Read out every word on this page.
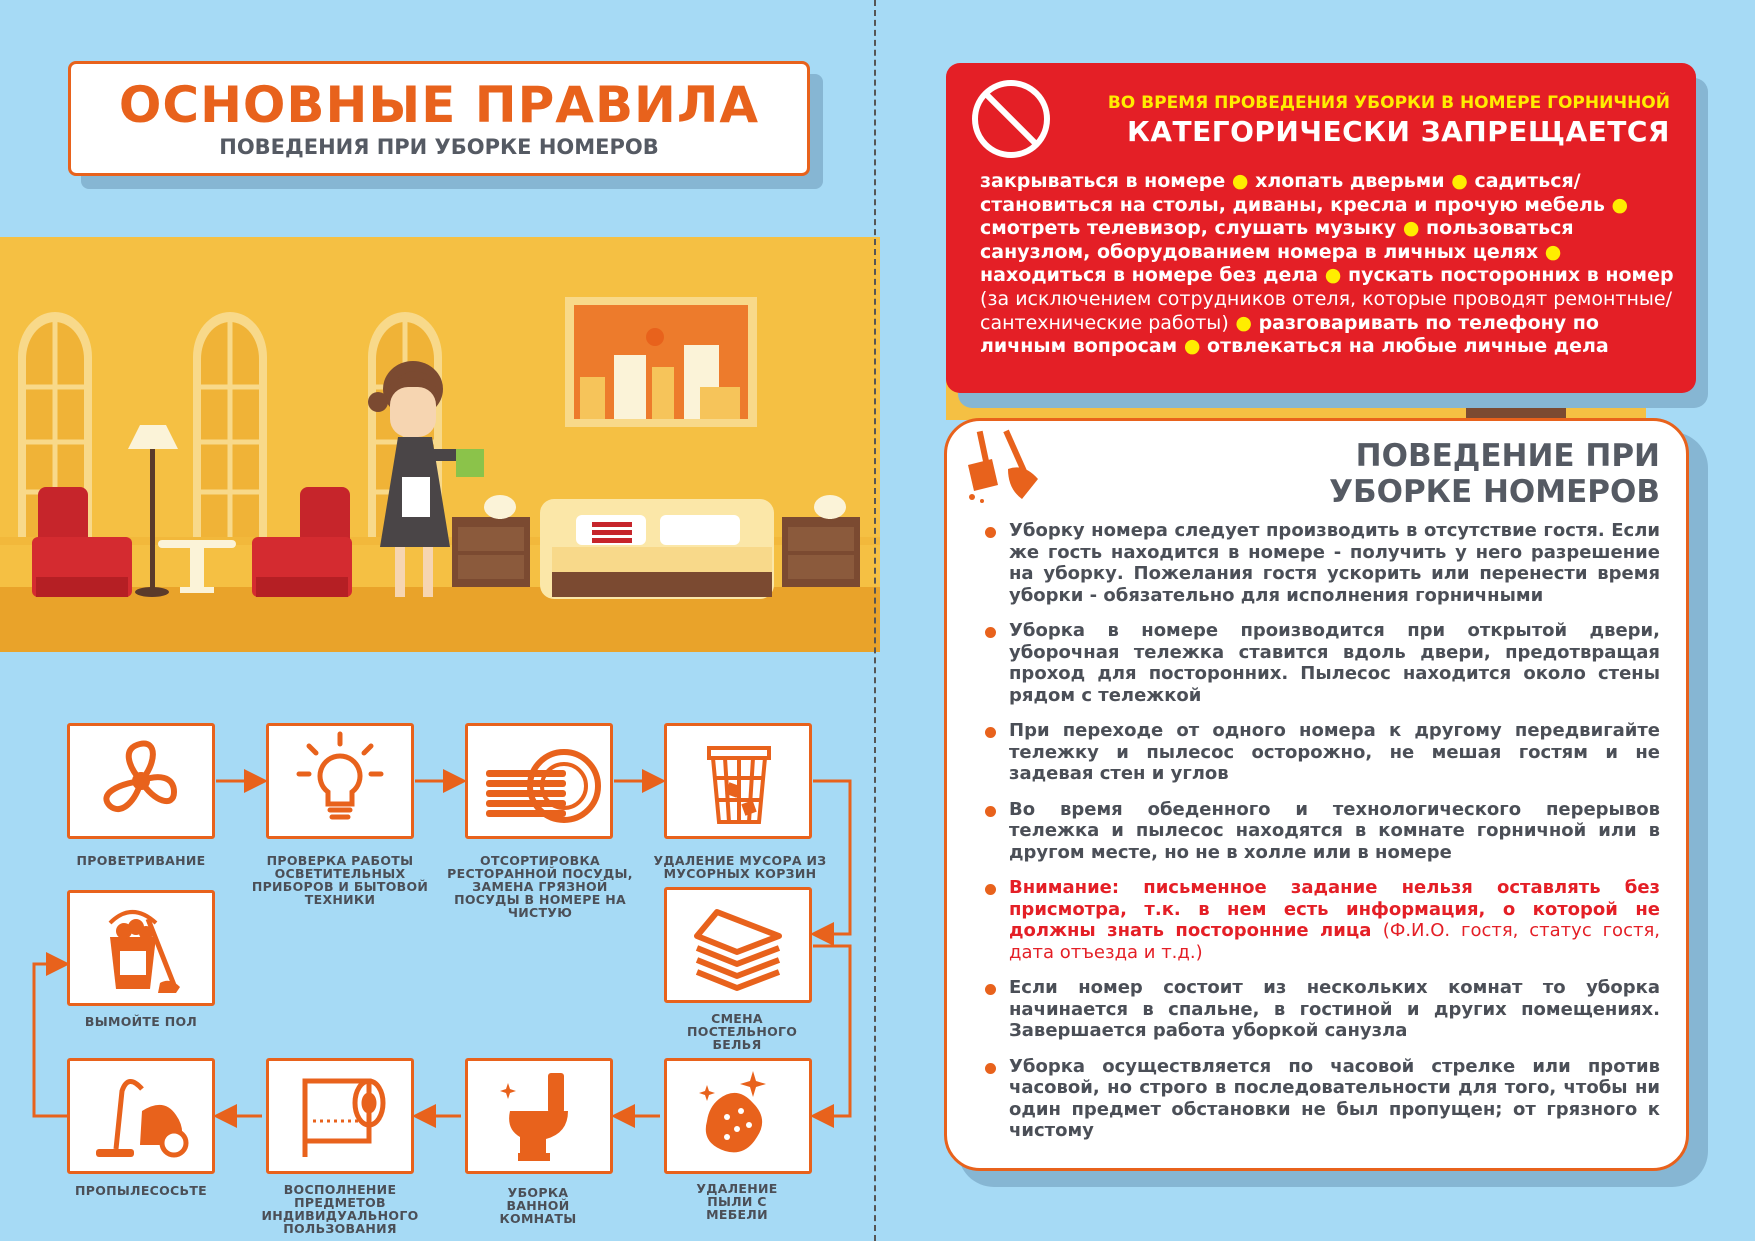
ОСНОВНЫЕ ПРАВИЛА
ПОВЕДЕНИЯ ПРИ УБОРКЕ НОМЕРОВ
ПРОВЕТРИВАНИЕ	ПРОВЕРКА РАБОТЫ ОСВЕТИТЕЛЬНЫХ ПРИБОРОВ И БЫТОВОЙ ТЕХНИКИ
ОТСОРТИРОВКА РЕСТОРАННОЙ ПОСУДЫ, ЗАМЕНА ГРЯЗНОЙ ПОСУДЫ В НОМЕРЕ НА ЧИСТУЮ
УДАЛЕНИЕ МУСОРА ИЗ МУСОРНЫХ КОРЗИН
СМЕНА ПОСТЕЛЬНОГО БЕЛЬЯ
УДАЛЕНИЕ ПЫЛИ С МЕБЕЛИ
УБОРКА ВАННОЙ КОМНАТЫ
ВОСПОЛНЕНИЕ ПРЕДМЕТОВ ИНДИВИДУАЛЬНОГО ПОЛЬЗОВАНИЯ
ПРОПЫЛЕСОСЬТЕ
ВЫМОЙТЕ ПОЛ
ВО ВРЕМЯ ПРОВЕДЕНИЯ УБОРКИ В НОМЕРЕ ГОРНИЧНОЙ
КАТЕГОРИЧЕСКИ ЗАПРЕЩАЕТСЯ
закрываться в номере ● хлопать дверьми ● садиться/ становиться на столы, диваны, кресла и прочую мебель ● смотреть телевизор, слушать музыку ● пользоваться санузлом, оборудованием номера в личных целях ● находиться в номере без дела ● пускать посторонних в номер (за исключением сотрудников отеля, которые проводят ремонтные/сантехнические работы) ● разговаривать по телефону по личным вопросам ● отвлекаться на любые личные дела
ПОВЕДЕНИЕ ПРИ
УБОРКЕ НОМЕРОВ
Уборку номера следует производить в отсутствие гостя. Если же гость находится в номере - получить у него разрешение на уборку. Пожелания гостя ускорить или перенести время уборки - обязательно для исполнения горничными
Уборка в номере производится при открытой двери, уборочная тележка ставится вдоль двери, предотвращая проход для посторонних. Пылесос находится около стены рядом с тележкой
При переходе от одного номера к другому передвигайте тележку и пылесос осторожно, не мешая гостям и не задевая стен и углов
Во время обеденного и технологического перерывов тележка и пылесос находятся в комнате горничной или в другом месте, но не в холле или в номере
Внимание: письменное задание нельзя оставлять без присмотра, т.к. в нем есть информация, о которой не должны знать посторонние лица (Ф.И.О. гостя, статус гостя, дата отъезда и т.д.)
Если номер состоит из нескольких комнат то уборка начинается в спальне, в гостиной и других помещениях. Завершается работа уборкой санузла
Уборка осуществляется по часовой стрелке или против часовой, но строго в последовательности для того, чтобы ни один предмет обстановки не был пропущен; от грязного к чистому
